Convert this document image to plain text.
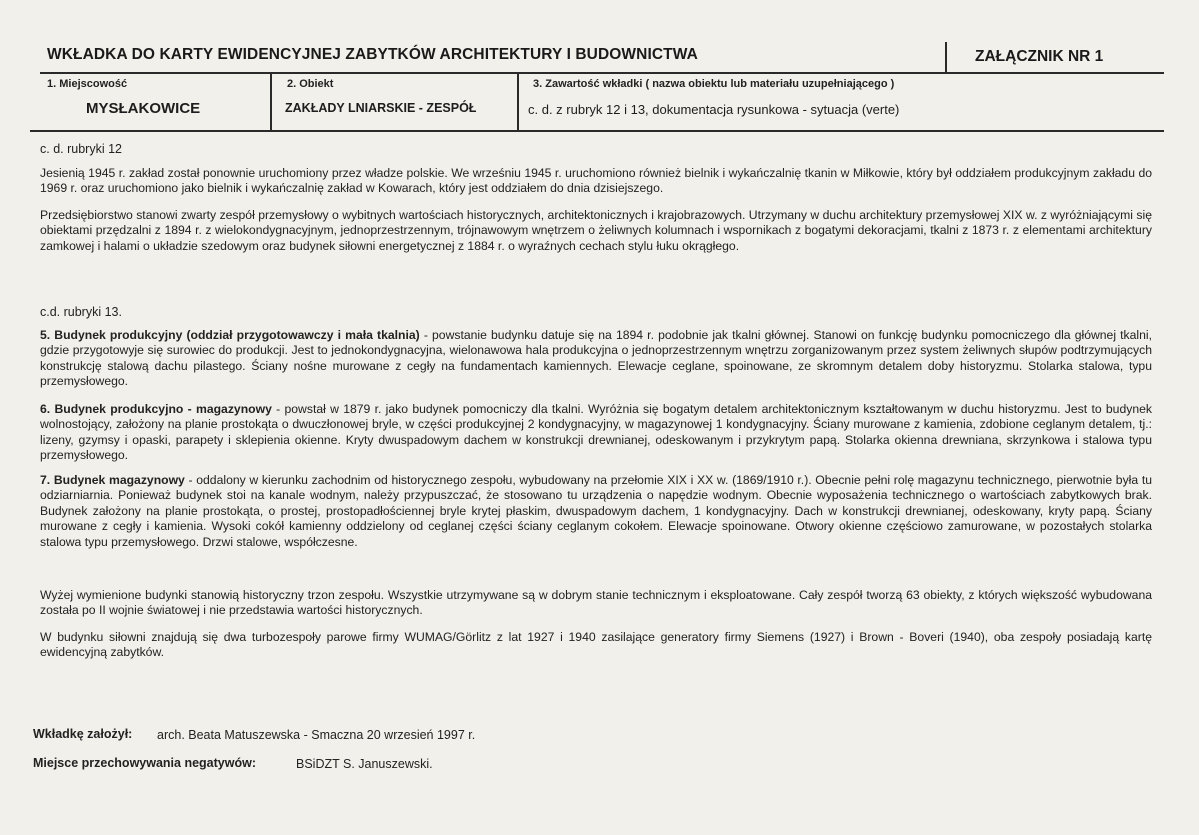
WKŁADKA DO KARTY EWIDENCYJNEJ ZABYTKÓW ARCHITEKTURY I BUDOWNICTWA	ZAŁĄCZNIK NR 1
1. Miejscowość
MYSŁAKOWICE
2. Obiekt
ZAKŁADY LNIARSKIE - ZESPÓŁ
3. Zawartość wkładki ( nazwa obiektu lub materiału uzupełniającego )
c. d. z rubryk 12 i 13, dokumentacja rysunkowa - sytuacja (verte)
c. d. rubryki 12

Jesienią 1945 r. zakład został ponownie uruchomiony przez władze polskie. We wrześniu 1945 r. uruchomiono również bielnik i wykańczalnię tkanin w Miłkowie, który był oddziałem produkcyjnym zakładu do 1969 r. oraz uruchomiono jako bielnik i wykańczalnię zakład w Kowarach, który jest oddziałem do dnia dzisiejszego.

Przedsiębiorstwo stanowi zwarty zespół przemysłowy o wybitnych wartościach historycznych, architektonicznych i krajobrazowych. Utrzymany w duchu architektury przemysłowej XIX w. z wyróżniającymi się obiektami przędzalni z 1894 r. z wielokondygnacyjnym, jednoprzestrzennym, trójnawowym wnętrzem o żeliwnych kolumnach i wspornikach z bogatymi dekoracjami, tkalni z 1873 r. z elementami architektury zamkowej i halami o układzie szedowym oraz budynek siłowni energetycznej z 1884 r. o wyraźnych cechach stylu łuku okrągłego.

c.d. rubryki 13.

5. Budynek produkcyjny (oddział przygotowawczy i mała tkalnia) - powstanie budynku datuje się na 1894 r. podobnie jak tkalni głównej. Stanowi on funkcję budynku pomocniczego dla głównej tkalni, gdzie przygotowyje się surowiec do produkcji. Jest to jednokondygnacyjna, wielonawowa hala produkcyjna o jednoprzestrzennym wnętrzu zorganizowanym przez system żeliwnych słupów podtrzymujących konstrukcję stalową dachu pilastego. Ściany nośne murowane z cegły na fundamentach kamiennych. Elewacje ceglane, spoinowane, ze skromnym detalem doby historyzmu. Stolarka stalowa, typu przemysłowego.

6. Budynek produkcyjno - magazynowy - powstał w 1879 r. jako budynek pomocniczy dla tkalni. Wyróżnia się bogatym detalem architektonicznym kształtowanym w duchu historyzmu. Jest to budynek wolnostojący, założony na planie prostokąta o dwuczłonowej bryle, w części produkcyjnej 2 kondygnacyjny, w magazynowej 1 kondygnacyjny. Ściany murowane z kamienia, zdobione ceglanym detalem, tj.: lizeny, gzymsy i opaski, parapety i sklepienia okienne. Kryty dwuspadowym dachem w konstrukcji drewnianej, odeskowanym i przykrytym papą. Stolarka okienna drewniana, skrzynkowa i stalowa typu przemysłowego.

7. Budynek magazynowy - oddalony w kierunku zachodnim od historycznego zespołu, wybudowany na przełomie XIX i XX w. (1869/1910 r.). Obecnie pełni rolę magazynu technicznego, pierwotnie była tu odziarniarnia. Ponieważ budynek stoi na kanale wodnym, należy przypuszczać, że stosowano tu urządzenia o napędzie wodnym. Obecnie wyposażenia technicznego o wartościach zabytkowych brak. Budynek założony na planie prostokąta, o prostej, prostopadłościennej bryle krytej płaskim, dwuspadowym dachem, 1 kondygnacyjny. Dach w konstrukcji drewnianej, odeskowany, kryty papą. Ściany murowane z cegły i kamienia. Wysoki cokół kamienny oddzielony od ceglanej części ściany ceglanym cokołem. Elewacje spoinowane. Otwory okienne częściowo zamurowane, w pozostałych stolarka stalowa typu przemysłowego. Drzwi stalowe, współczesne.

Wyżej wymienione budynki stanowią historyczny trzon zespołu. Wszystkie utrzymywane są w dobrym stanie technicznym i eksploatowane. Cały zespół tworzą 63 obiekty, z których większość wybudowana została po II wojnie światowej i nie przedstawia wartości historycznych.

W budynku siłowni znajdują się dwa turbozespoły parowe firmy WUMAG/Görlitz z lat 1927 i 1940 zasilające generatory firmy Siemens (1927) i Brown - Boveri (1940), oba zespoły posiadają kartę ewidencyjną zabytków.

Wkładkę założył: arch. Beata Matuszewska - Smaczna 20 wrzesień 1997 r.
Miejsce przechowywania negatywów:	BSiDZT S. Januszewski.
